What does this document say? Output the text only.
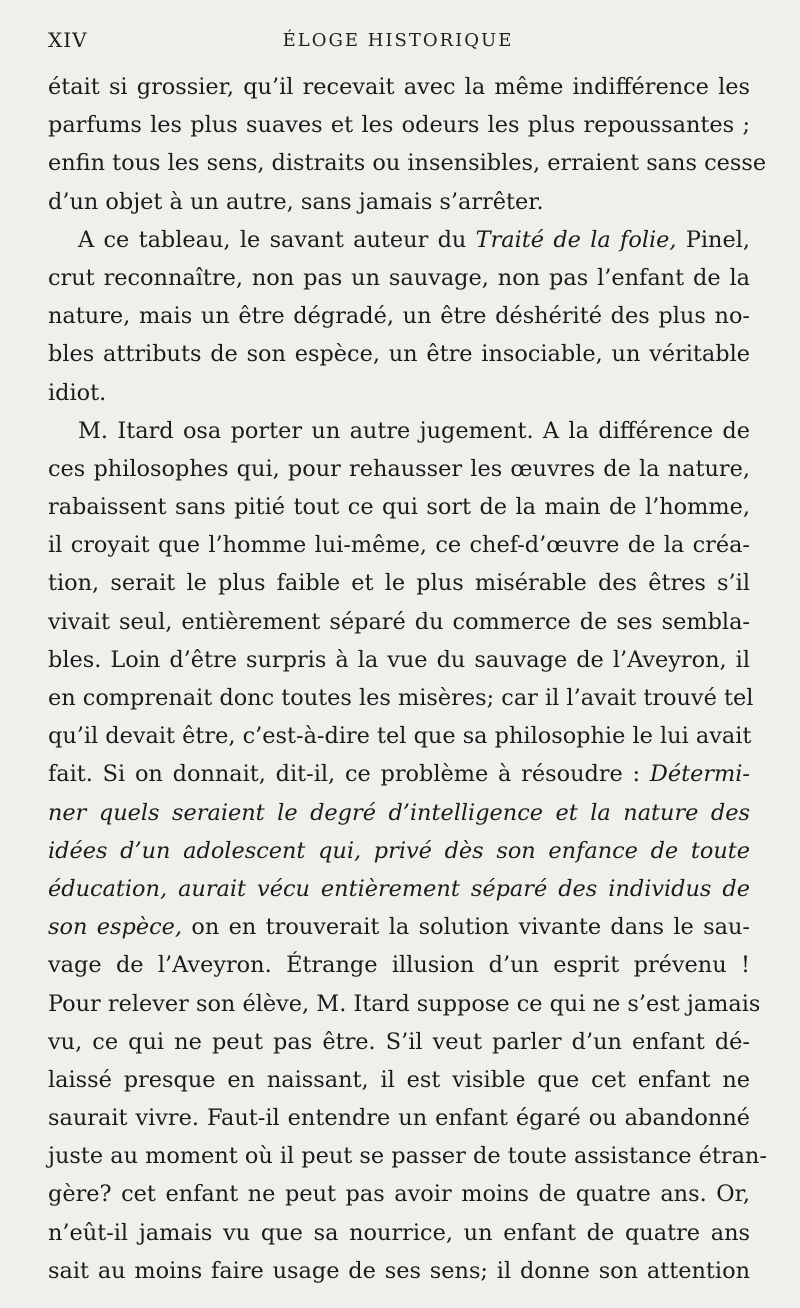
XIV	ÉLOGE HISTORIQUE
était si grossier, qu’il recevait avec la même indifférence les
parfums les plus suaves et les odeurs les plus repoussantes ;
enfin tous les sens, distraits ou insensibles, erraient sans cesse
d’un objet à un autre, sans jamais s’arrêter.
A ce tableau, le savant auteur du Traité de la folie, Pinel,
crut reconnaître, non pas un sauvage, non pas l’enfant de la
nature, mais un être dégradé, un être déshérité des plus no-
bles attributs de son espèce, un être insociable, un véritable
idiot.
M. Itard osa porter un autre jugement. A la différence de
ces philosophes qui, pour rehausser les œuvres de la nature,
rabaissent sans pitié tout ce qui sort de la main de l’homme,
il croyait que l’homme lui-même, ce chef-d’œuvre de la créa-
tion, serait le plus faible et le plus misérable des êtres s’il
vivait seul, entièrement séparé du commerce de ses sembla-
bles. Loin d’être surpris à la vue du sauvage de l’Aveyron, il
en comprenait donc toutes les misères; car il l’avait trouvé tel
qu’il devait être, c’est-à-dire tel que sa philosophie le lui avait
fait. Si on donnait, dit-il, ce problème à résoudre : Détermi-
ner quels seraient le degré d’intelligence et la nature des
idées d’un adolescent qui, privé dès son enfance de toute
éducation, aurait vécu entièrement séparé des individus de
son espèce, on en trouverait la solution vivante dans le sau-
vage de l’Aveyron. Étrange illusion d’un esprit prévenu !
Pour relever son élève, M. Itard suppose ce qui ne s’est jamais
vu, ce qui ne peut pas être. S’il veut parler d’un enfant dé-
laissé presque en naissant, il est visible que cet enfant ne
saurait vivre. Faut-il entendre un enfant égaré ou abandonné
juste au moment où il peut se passer de toute assistance étran-
gère? cet enfant ne peut pas avoir moins de quatre ans. Or,
n’eût-il jamais vu que sa nourrice, un enfant de quatre ans
sait au moins faire usage de ses sens; il donne son attention
